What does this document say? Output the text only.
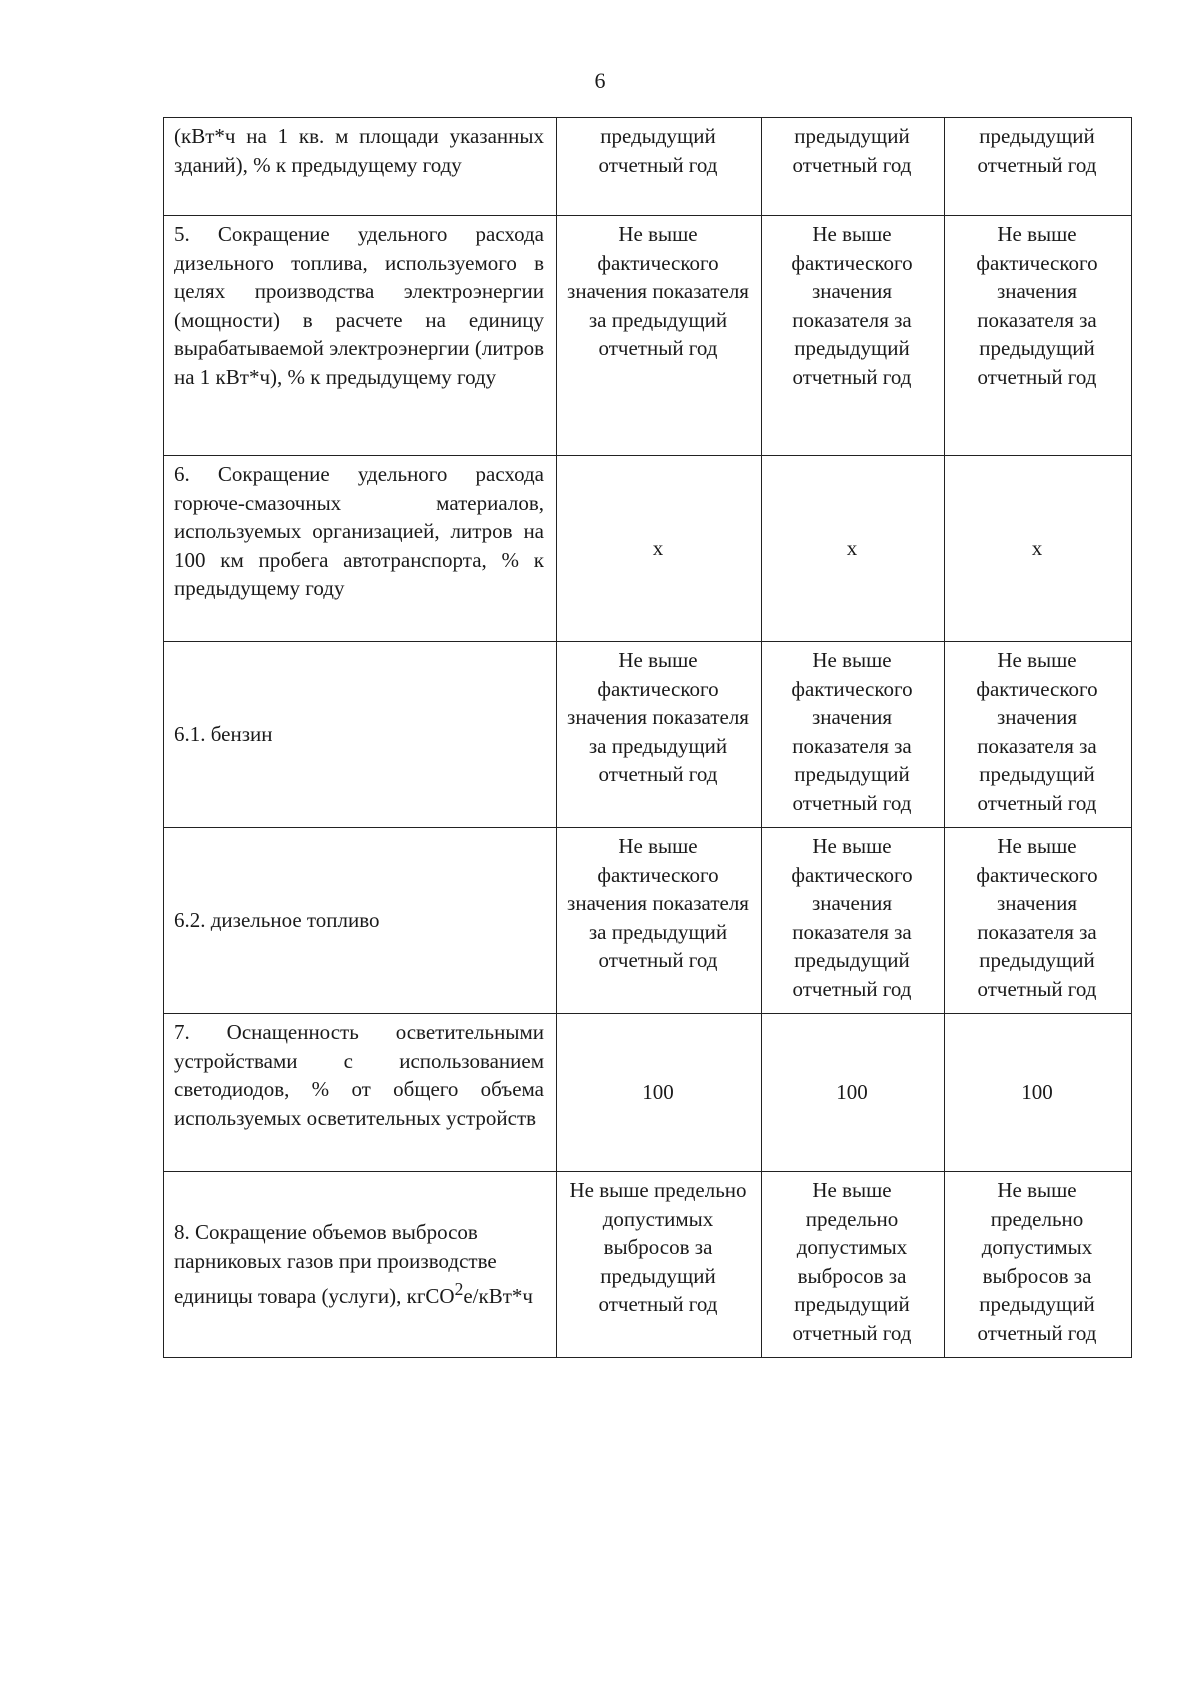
6
(кВт*ч на 1 кв. м площади указанных зданий), % к предыдущему году	предыдущий отчетный год	предыдущий отчетный год	предыдущий отчетный год
5. Сокращение удельного расхода дизельного топлива, используемого в целях производства электроэнергии (мощности) в расчете на единицу вырабатываемой электроэнергии (литров на 1 кВт*ч), % к предыдущему году	Не выше фактического значения показателя за предыдущий отчетный год	Не выше фактического значения показателя за предыдущий отчетный год	Не выше фактического значения показателя за предыдущий отчетный год
6. Сокращение удельного расхода горюче-смазочных материалов, используемых организацией, литров на 100 км пробега автотранспорта, % к предыдущему году	x	x	x
6.1. бензин	Не выше фактического значения показателя за предыдущий отчетный год	Не выше фактического значения показателя за предыдущий отчетный год	Не выше фактического значения показателя за предыдущий отчетный год
6.2. дизельное топливо	Не выше фактического значения показателя за предыдущий отчетный год	Не выше фактического значения показателя за предыдущий отчетный год	Не выше фактического значения показателя за предыдущий отчетный год
7. Оснащенность осветительными устройствами с использованием светодиодов, % от общего объема используемых осветительных устройств	100	100	100
8. Сокращение объемов выбросов парниковых газов при производстве единицы товара (услуги), кгCO$^2$e/кВт*ч	Не выше предельно допустимых выбросов за предыдущий отчетный год	Не выше предельно допустимых выбросов за предыдущий отчетный год	Не выше предельно допустимых выбросов за предыдущий отчетный год
